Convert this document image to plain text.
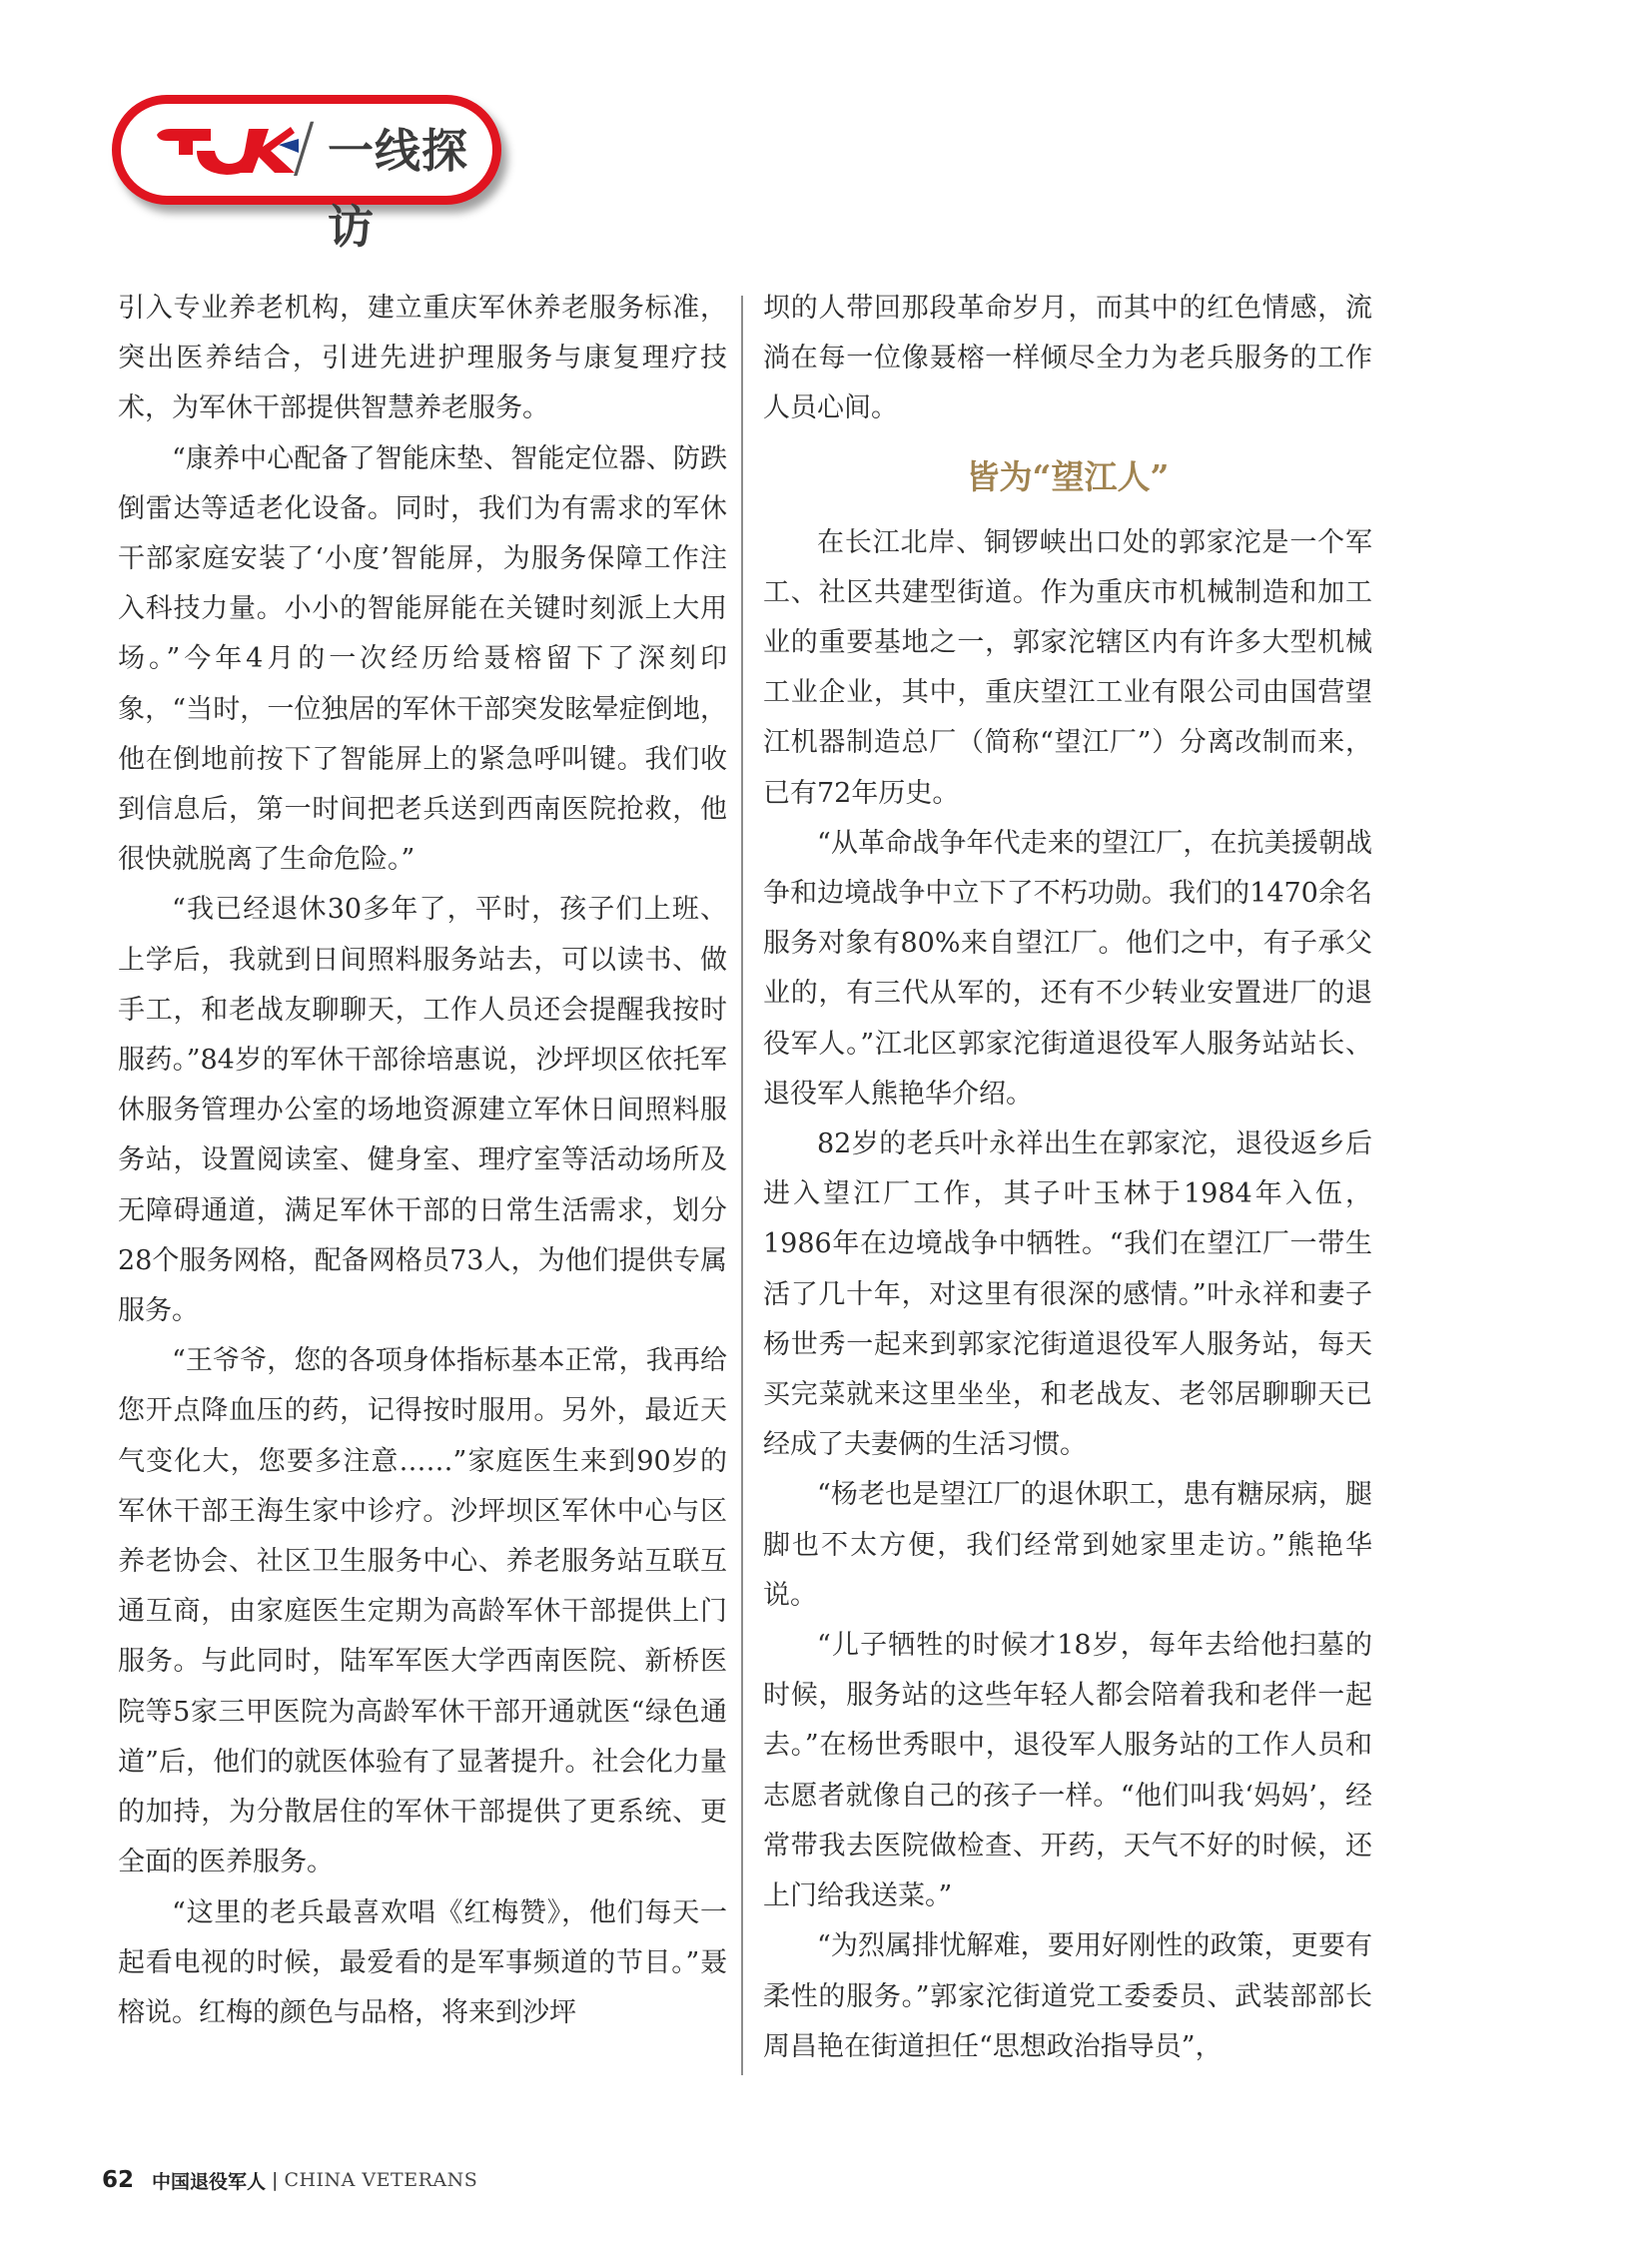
/ 一线探访

引入专业养老机构，建立重庆军休养老服务标准，突出医养结合，引进先进护理服务与康复理疗技术，为军休干部提供智慧养老服务。

“康养中心配备了智能床垫、智能定位器、防跌倒雷达等适老化设备。同时，我们为有需求的军休干部家庭安装了‘小度’智能屏，为服务保障工作注入科技力量。小小的智能屏能在关键时刻派上大用场。”今年4月的一次经历给聂榕留下了深刻印象，“当时，一位独居的军休干部突发眩晕症倒地，他在倒地前按下了智能屏上的紧急呼叫键。我们收到信息后，第一时间把老兵送到西南医院抢救，他很快就脱离了生命危险。”

“我已经退休30多年了，平时，孩子们上班、上学后，我就到日间照料服务站去，可以读书、做手工，和老战友聊聊天，工作人员还会提醒我按时服药。”84岁的军休干部徐培惠说，沙坪坝区依托军休服务管理办公室的场地资源建立军休日间照料服务站，设置阅读室、健身室、理疗室等活动场所及无障碍通道，满足军休干部的日常生活需求，划分28个服务网格，配备网格员73人，为他们提供专属服务。

“王爷爷，您的各项身体指标基本正常，我再给您开点降血压的药，记得按时服用。另外，最近天气变化大，您要多注意……”家庭医生来到90岁的军休干部王海生家中诊疗。沙坪坝区军休中心与区养老协会、社区卫生服务中心、养老服务站互联互通互商，由家庭医生定期为高龄军休干部提供上门服务。与此同时，陆军军医大学西南医院、新桥医院等5家三甲医院为高龄军休干部开通就医“绿色通道”后，他们的就医体验有了显著提升。社会化力量的加持，为分散居住的军休干部提供了更系统、更全面的医养服务。

“这里的老兵最喜欢唱《红梅赞》，他们每天一起看电视的时候，最爱看的是军事频道的节目。”聂榕说。红梅的颜色与品格，将来到沙坪

坝的人带回那段革命岁月，而其中的红色情感，流淌在每一位像聂榕一样倾尽全力为老兵服务的工作人员心间。

皆为“望江人”

在长江北岸、铜锣峡出口处的郭家沱是一个军工、社区共建型街道。作为重庆市机械制造和加工业的重要基地之一，郭家沱辖区内有许多大型机械工业企业，其中，重庆望江工业有限公司由国营望江机器制造总厂（简称“望江厂”）分离改制而来，已有72年历史。

“从革命战争年代走来的望江厂，在抗美援朝战争和边境战争中立下了不朽功勋。我们的1470余名服务对象有80%来自望江厂。他们之中，有子承父业的，有三代从军的，还有不少转业安置进厂的退役军人。”江北区郭家沱街道退役军人服务站站长、退役军人熊艳华介绍。

82岁的老兵叶永祥出生在郭家沱，退役返乡后进入望江厂工作，其子叶玉林于1984年入伍，1986年在边境战争中牺牲。“我们在望江厂一带生活了几十年，对这里有很深的感情。”叶永祥和妻子杨世秀一起来到郭家沱街道退役军人服务站，每天买完菜就来这里坐坐，和老战友、老邻居聊聊天已经成了夫妻俩的生活习惯。

“杨老也是望江厂的退休职工，患有糖尿病，腿脚也不太方便，我们经常到她家里走访。”熊艳华说。

“儿子牺牲的时候才18岁，每年去给他扫墓的时候，服务站的这些年轻人都会陪着我和老伴一起去。”在杨世秀眼中，退役军人服务站的工作人员和志愿者就像自己的孩子一样。“他们叫我‘妈妈’，经常带我去医院做检查、开药，天气不好的时候，还上门给我送菜。”

“为烈属排忧解难，要用好刚性的政策，更要有柔性的服务。”郭家沱街道党工委委员、武装部部长周昌艳在街道担任“思想政治指导员”，

62 中国退役军人 | CHINA VETERANS
